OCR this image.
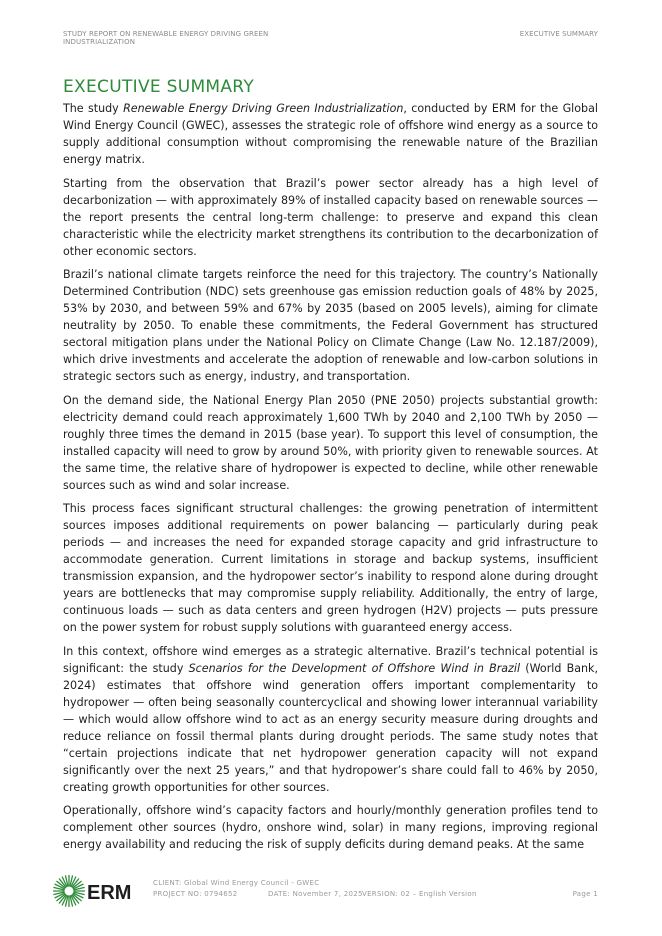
STUDY REPORT ON RENEWABLE ENERGY DRIVING GREEN INDUSTRIALIZATION
EXECUTIVE SUMMARY
EXECUTIVE SUMMARY

The study Renewable Energy Driving Green Industrialization, conducted by ERM for the Global Wind Energy Council (GWEC), assesses the strategic role of offshore wind energy as a source to supply additional consumption without compromising the renewable nature of the Brazilian energy matrix.

Starting from the observation that Brazil’s power sector already has a high level of decarbonization — with approximately 89% of installed capacity based on renewable sources — the report presents the central long-term challenge: to preserve and expand this clean characteristic while the electricity market strengthens its contribution to the decarbonization of other economic sectors.

Brazil’s national climate targets reinforce the need for this trajectory. The country’s Nationally Determined Contribution (NDC) sets greenhouse gas emission reduction goals of 48% by 2025, 53% by 2030, and between 59% and 67% by 2035 (based on 2005 levels), aiming for climate neutrality by 2050. To enable these commitments, the Federal Government has structured sectoral mitigation plans under the National Policy on Climate Change (Law No. 12.187/2009), which drive investments and accelerate the adoption of renewable and low-carbon solutions in strategic sectors such as energy, industry, and transportation.

On the demand side, the National Energy Plan 2050 (PNE 2050) projects substantial growth: electricity demand could reach approximately 1,600 TWh by 2040 and 2,100 TWh by 2050 — roughly three times the demand in 2015 (base year). To support this level of consumption, the installed capacity will need to grow by around 50%, with priority given to renewable sources. At the same time, the relative share of hydropower is expected to decline, while other renewable sources such as wind and solar increase.

This process faces significant structural challenges: the growing penetration of intermittent sources imposes additional requirements on power balancing — particularly during peak periods — and increases the need for expanded storage capacity and grid infrastructure to accommodate generation. Current limitations in storage and backup systems, insufficient transmission expansion, and the hydropower sector’s inability to respond alone during drought years are bottlenecks that may compromise supply reliability. Additionally, the entry of large, continuous loads — such as data centers and green hydrogen (H2V) projects — puts pressure on the power system for robust supply solutions with guaranteed energy access.

In this context, offshore wind emerges as a strategic alternative. Brazil’s technical potential is significant: the study Scenarios for the Development of Offshore Wind in Brazil (World Bank, 2024) estimates that offshore wind generation offers important complementarity to hydropower — often being seasonally countercyclical and showing lower interannual variability — which would allow offshore wind to act as an energy security measure during droughts and reduce reliance on fossil thermal plants during drought periods. The same study notes that “certain projections indicate that net hydropower generation capacity will not expand significantly over the next 25 years,” and that hydropower’s share could fall to 46% by 2050, creating growth opportunities for other sources.

Operationally, offshore wind’s capacity factors and hourly/monthly generation profiles tend to complement other sources (hydro, onshore wind, solar) in many regions, improving regional energy availability and reducing the risk of supply deficits during demand peaks. At the same

ERM	CLIENT: Global Wind Energy Council - GWEC
PROJECT NO: 0794652	DATE: November 7, 2025 VERSION: 02 – English Version	Page 1
